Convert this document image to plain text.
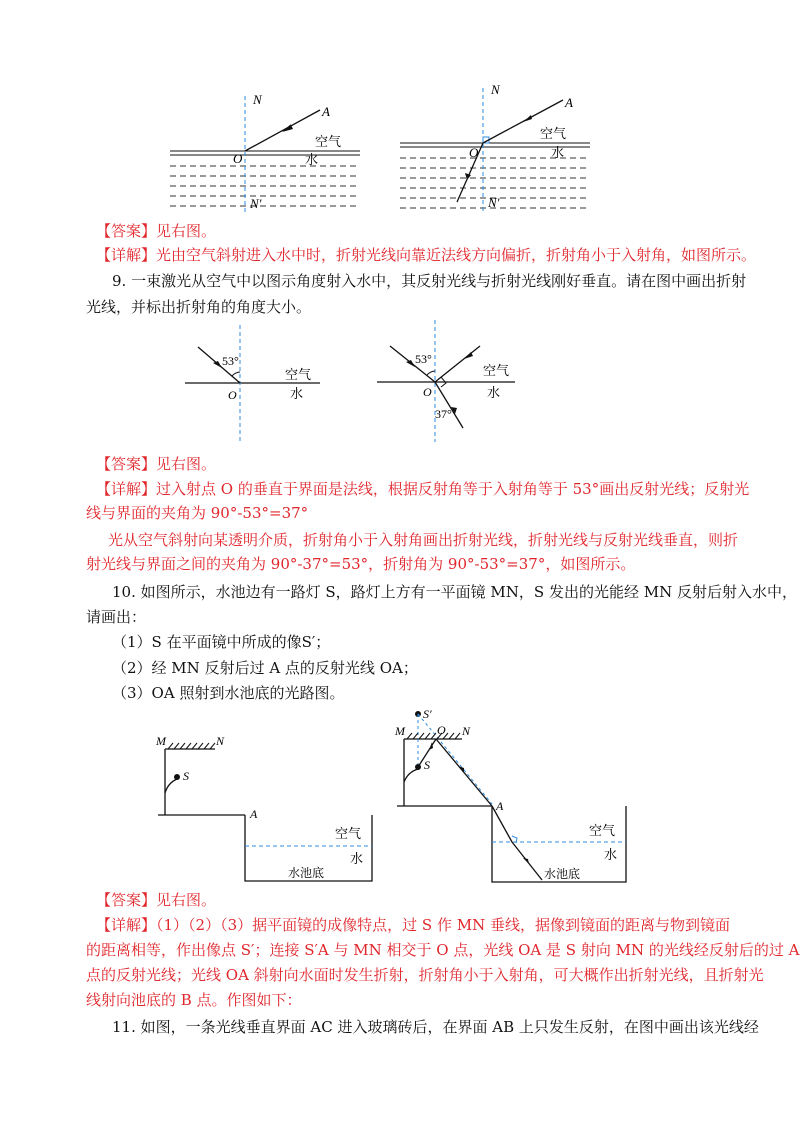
N
A
O
N′
空气
水
N
A
O
N′
空气
水
【答案】见右图。
【详解】光由空气斜射进入水中时，折射光线向靠近法线方向偏折，折射角小于入射角，如图所示。
9. 一束激光从空气中以图示角度射入水中，其反射光线与折射光线刚好垂直。请在图中画出折射
光线，并标出折射角的角度大小。
53°
O
空气
水
53°
O
空气
水
37°
【答案】见右图。
【详解】过入射点 O 的垂直于界面是法线，根据反射角等于入射角等于 53°画出反射光线；反射光
线与界面的夹角为 90°-53°=37°
光从空气斜射向某透明介质，折射角小于入射角画出折射光线，折射光线与反射光线垂直，则折
射光线与界面之间的夹角为 90°-37°=53°，折射角为 90°-53°=37°，如图所示。
10. 如图所示，水池边有一路灯 S，路灯上方有一平面镜 MN，S 发出的光能经 MN 反射后射入水中，
请画出：
（1）S 在平面镜中所成的像S′；
（2）经 MN 反射后过 A 点的反射光线 OA；
（3）OA 照射到水池底的光路图。
M	N
S
A
空气
水
水池底
S′
M	O N
S
A
空气
水
水池底
【答案】见右图。
【详解】（1）（2）（3）据平面镜的成像特点，过 S 作 MN 垂线，据像到镜面的距离与物到镜面
的距离相等，作出像点 S′；连接 S′A 与 MN 相交于 O 点，光线 OA 是 S 射向 MN 的光线经反射后的过 A
点的反射光线；光线 OA 斜射向水面时发生折射，折射角小于入射角，可大概作出折射光线，且折射光
线射向池底的 B 点。作图如下：
11. 如图，一条光线垂直界面 AC 进入玻璃砖后，在界面 AB 上只发生反射，在图中画出该光线经
